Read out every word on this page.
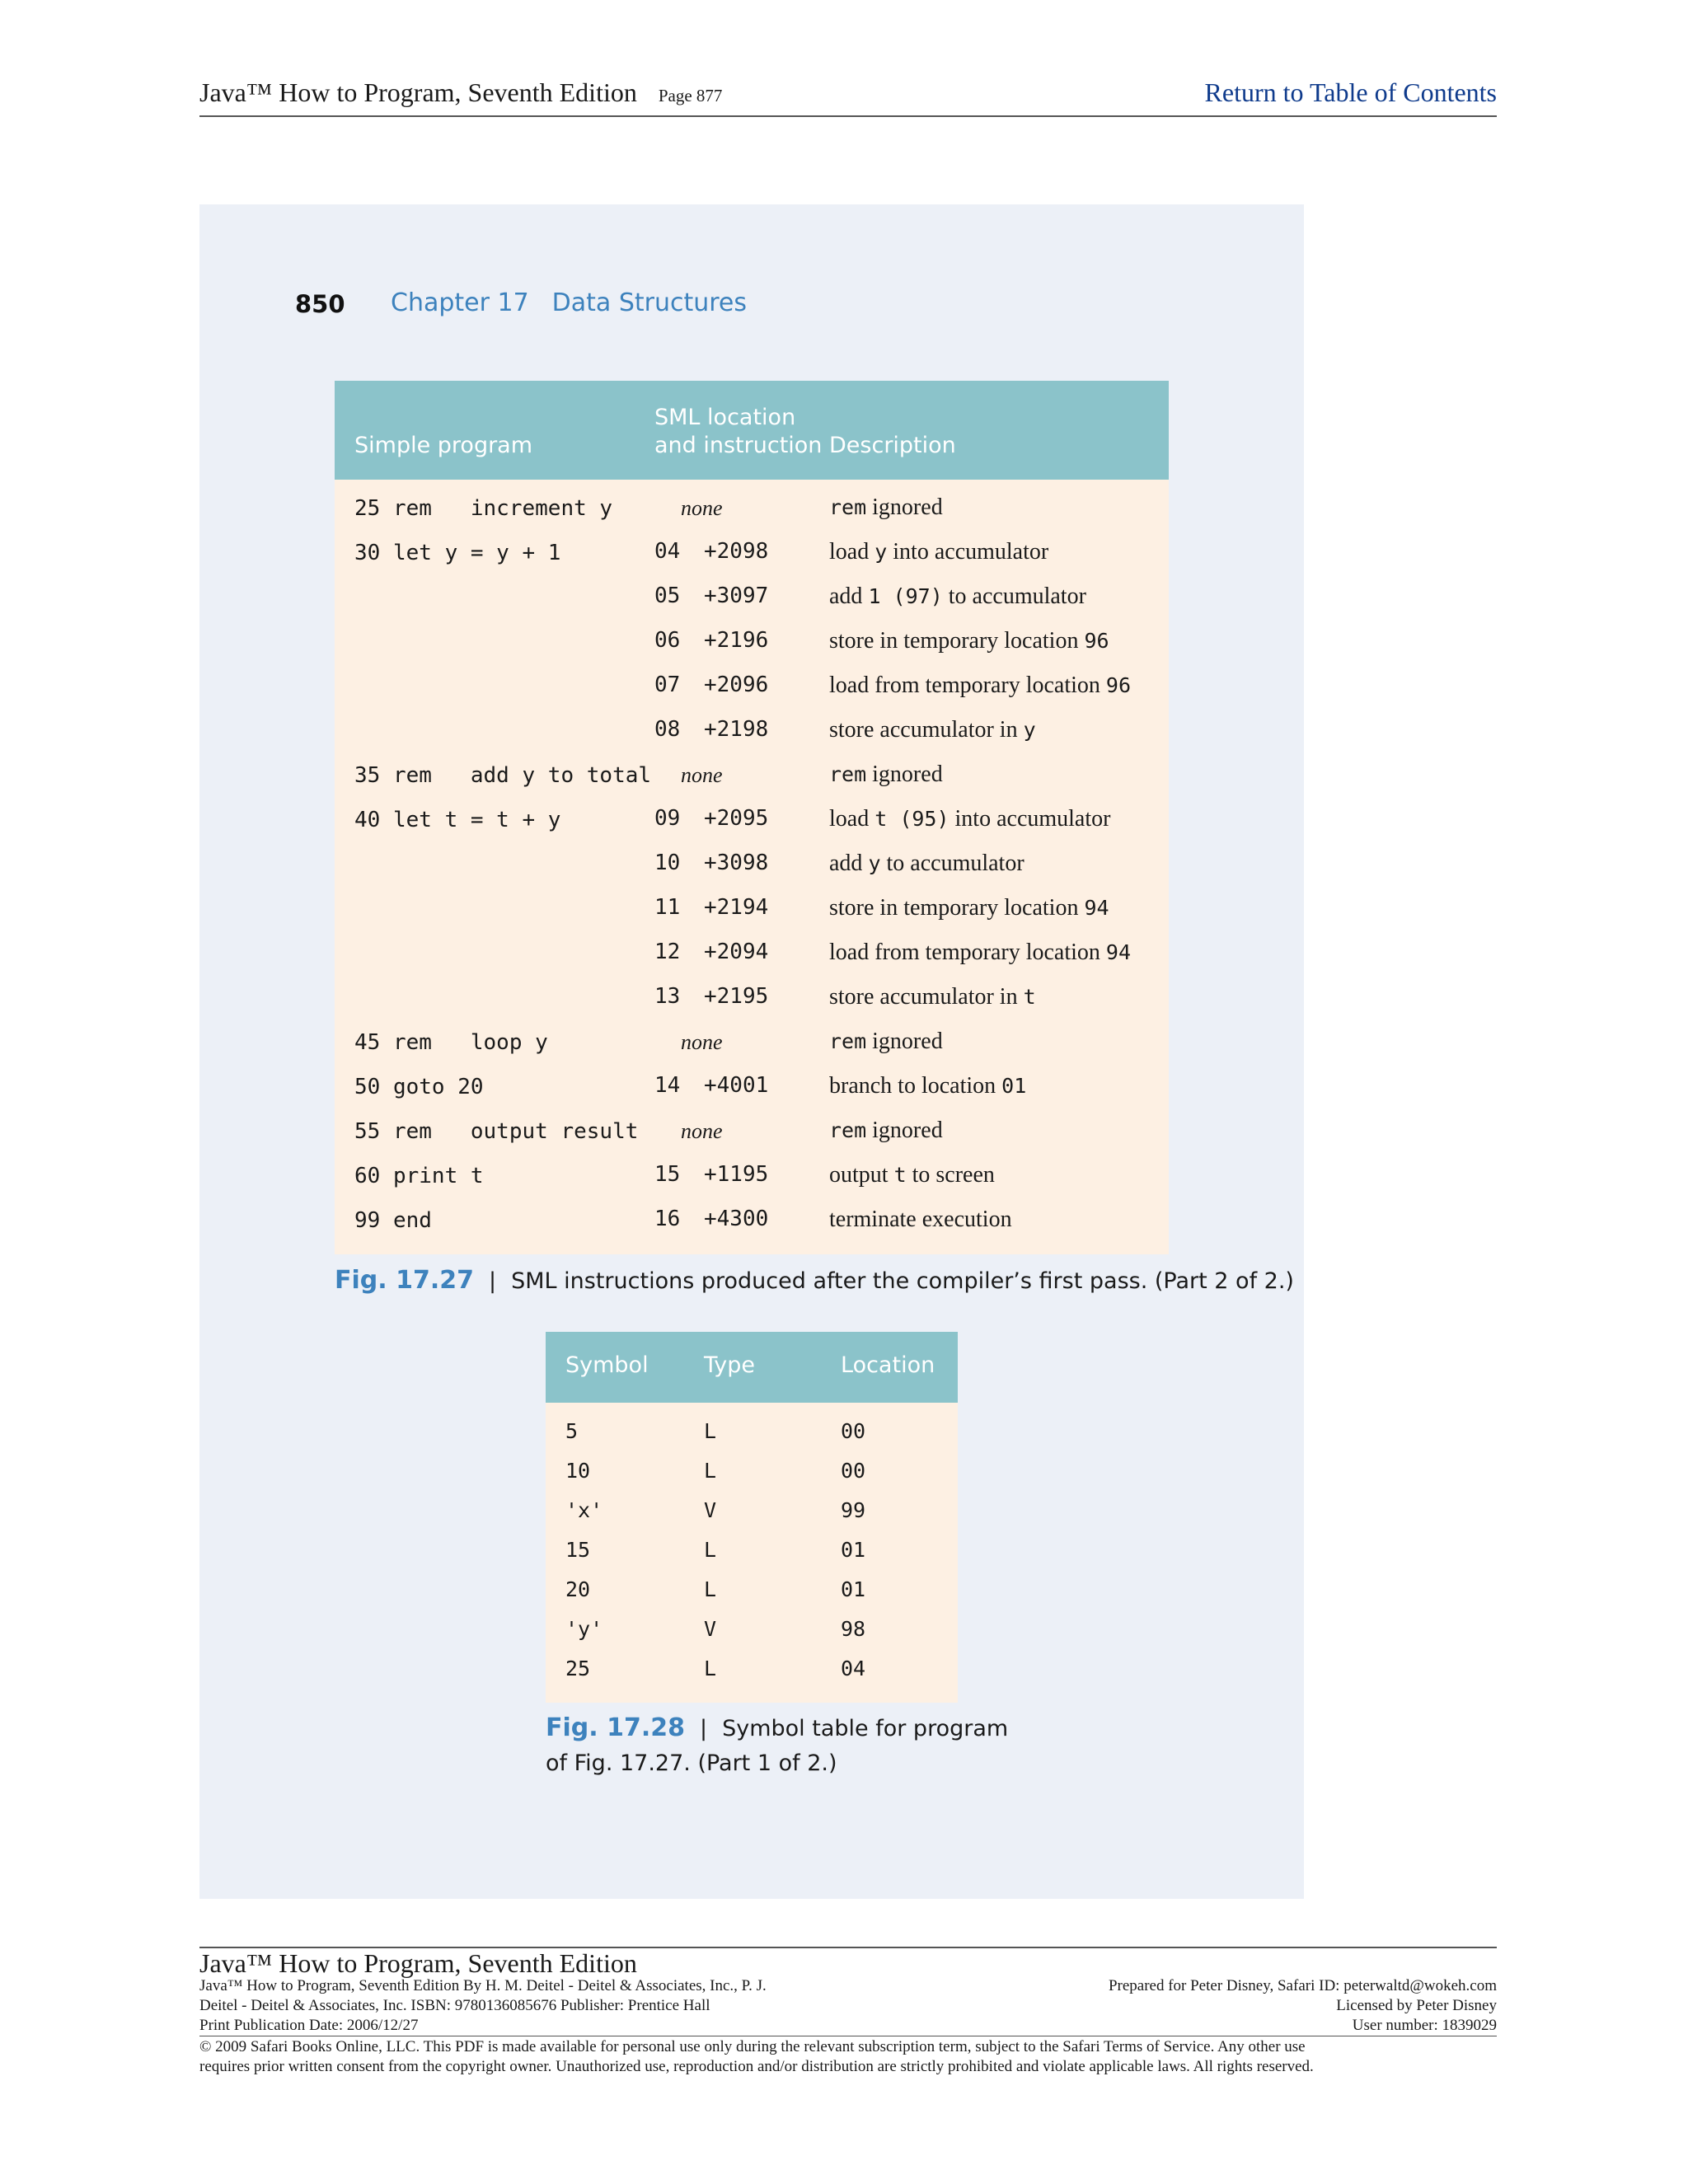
Java™ How to Program, Seventh Edition Page 877	Return to Table of Contents
850 Chapter 17 Data Structures
Simple program
SML location
and instruction Description
25 rem   increment y	none	rem ignored
30 let y = y + 1	04 +2098	load y into accumulator
05 +3097	add 1 (97) to accumulator
06 +2196	store in temporary location 96
07 +2096	load from temporary location 96
08 +2198	store accumulator in y
35 rem   add y to total none	rem ignored
40 let t = t + y	09 +2095	load t (95) into accumulator
10 +3098	add y to accumulator
11 +2194	store in temporary location 94
12 +2094	load from temporary location 94
13 +2195	store accumulator in t
45 rem   loop y	none	rem ignored
50 goto 20	14 +4001	branch to location 01
55 rem   output result none	rem ignored
60 print t	15 +1195	output t to screen
99 end	16 +4300	terminate execution
Fig. 17.27 | SML instructions produced after the compiler’s first pass. (Part 2 of 2.)
Symbol Type	Location
5	L	00
10	L	00
'x'	V	99
15	L	01
20	L	01
'y'	V	98
25	L	04
Fig. 17.28 | Symbol table for program
of Fig. 17.27. (Part 1 of 2.)
Java™ How to Program, Seventh Edition
Java™ How to Program, Seventh Edition By H. M. Deitel - Deitel & Associates, Inc., P. J.
Deitel - Deitel & Associates, Inc. ISBN: 9780136085676 Publisher: Prentice Hall
Print Publication Date: 2006/12/27
Prepared for Peter Disney, Safari ID: peterwaltd@wokeh.com
Licensed by Peter Disney
User number: 1839029
© 2009 Safari Books Online, LLC. This PDF is made available for personal use only during the relevant subscription term, subject to the Safari Terms of Service. Any other use
requires prior written consent from the copyright owner. Unauthorized use, reproduction and/or distribution are strictly prohibited and violate applicable laws. All rights reserved.
